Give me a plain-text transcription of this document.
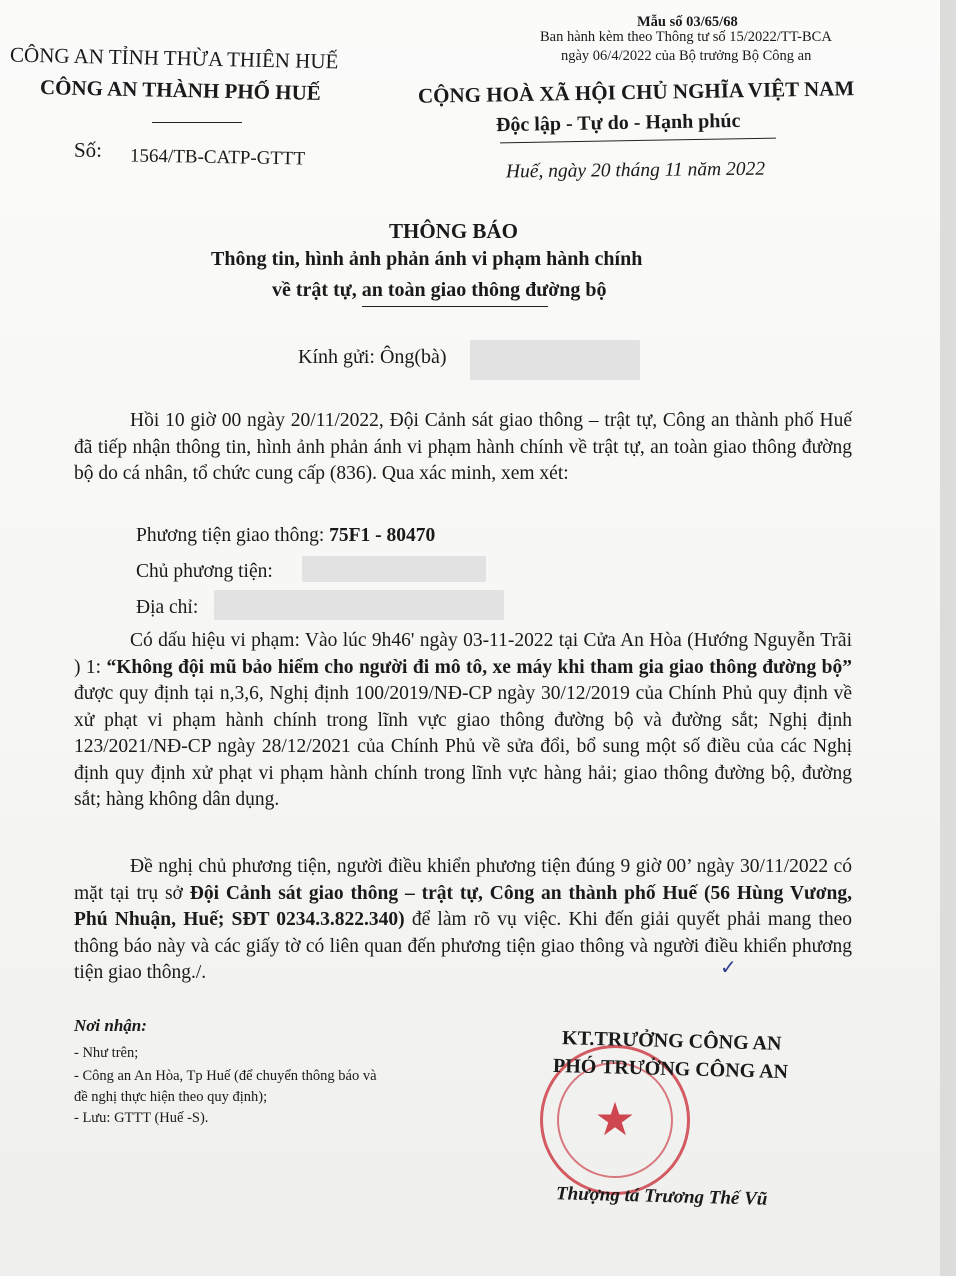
Mẫu số 03/65/68
Ban hành kèm theo Thông tư số 15/2022/TT-BCA
ngày 06/4/2022 của Bộ trưởng Bộ Công an
CÔNG AN TỈNH THỪA THIÊN HUẾ
CÔNG AN THÀNH PHỐ HUẾ
Số: 1564/TB-CATP-GTTT
CỘNG HOÀ XÃ HỘI CHỦ NGHĨA VIỆT NAM
Độc lập - Tự do - Hạnh phúc
Huế, ngày 20 tháng 11 năm 2022
THÔNG BÁO
Thông tin, hình ảnh phản ánh vi phạm hành chính
về trật tự, an toàn giao thông đường bộ
Kính gửi: Ông(bà)

Hồi 10 giờ 00 ngày 20/11/2022, Đội Cảnh sát giao thông – trật tự, Công an thành phố Huế đã tiếp nhận thông tin, hình ảnh phản ánh vi phạm hành chính về trật tự, an toàn giao thông đường bộ do cá nhân, tổ chức cung cấp (836). Qua xác minh, xem xét:

Phương tiện giao thông: 75F1 - 80470
Chủ phương tiện:
Địa chỉ:

Có dấu hiệu vi phạm: Vào lúc 9h46' ngày 03-11-2022 tại Cửa An Hòa (Hướng Nguyễn Trãi ) 1: “Không đội mũ bảo hiểm cho người đi mô tô, xe máy khi tham gia giao thông đường bộ” được quy định tại n,3,6, Nghị định 100/2019/NĐ-CP ngày 30/12/2019 của Chính Phủ quy định về xử phạt vi phạm hành chính trong lĩnh vực giao thông đường bộ và đường sắt; Nghị định 123/2021/NĐ-CP ngày 28/12/2021 của Chính Phủ về sửa đổi, bổ sung một số điều của các Nghị định quy định xử phạt vi phạm hành chính trong lĩnh vực hàng hải; giao thông đường bộ, đường sắt; hàng không dân dụng.

Đề nghị chủ phương tiện, người điều khiển phương tiện đúng 9 giờ 00’ ngày 30/11/2022 có mặt tại trụ sở Đội Cảnh sát giao thông – trật tự, Công an thành phố Huế (56 Hùng Vương, Phú Nhuận, Huế; SĐT 0234.3.822.340) để làm rõ vụ việc. Khi đến giải quyết phải mang theo thông báo này và các giấy tờ có liên quan đến phương tiện giao thông và người điều khiển phương tiện giao thông./.	✓
Nơi nhận:
- Như trên;
- Công an An Hòa, Tp Huế (để chuyển thông báo và
đề nghị thực hiện theo quy định);
- Lưu: GTTT (Huế -S).	★
KT.TRƯỞNG CÔNG AN
PHÓ TRƯỞNG CÔNG AN
Thượng tá Trương Thế Vũ
